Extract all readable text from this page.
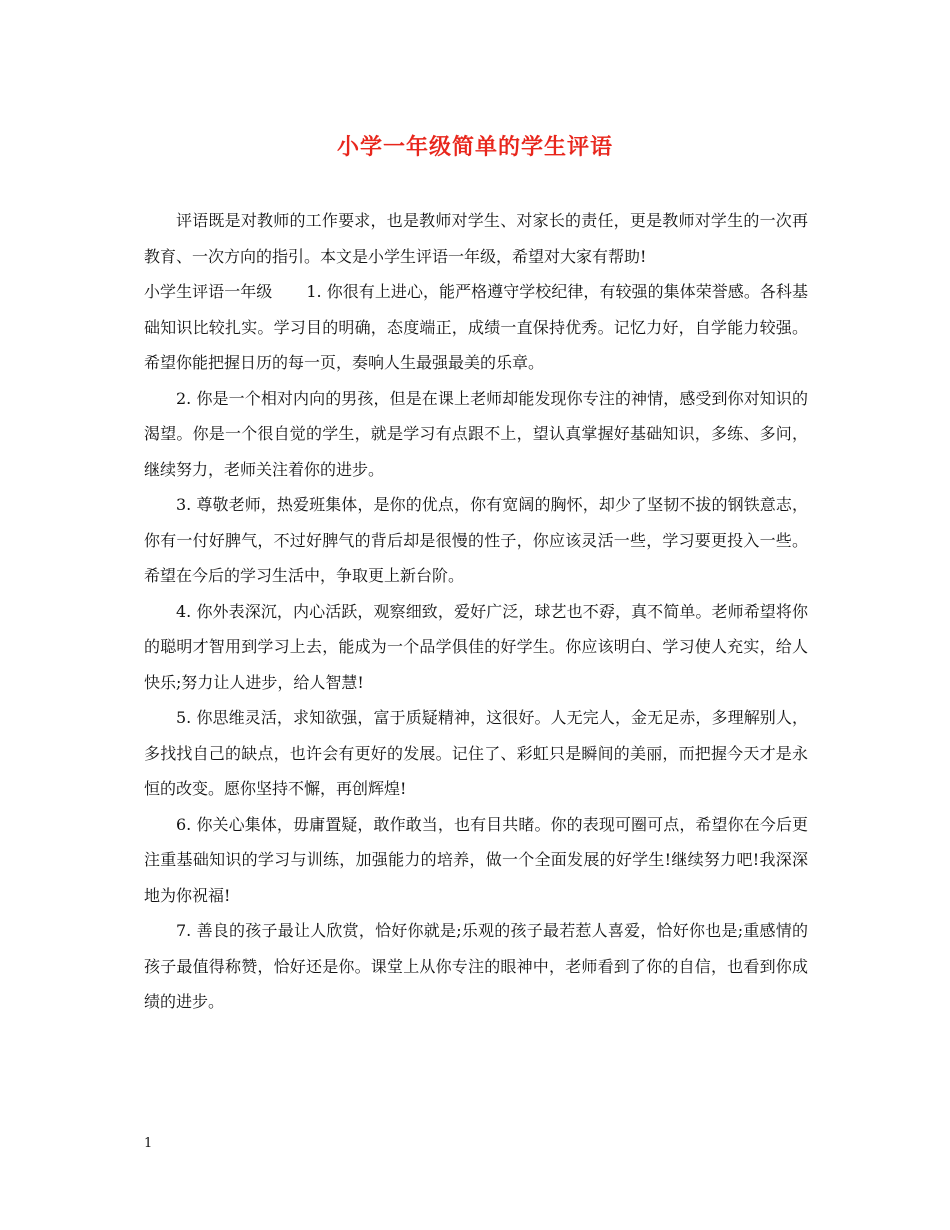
小学一年级简单的学生评语

评语既是对教师的工作要求，也是教师对学生、对家长的责任，更是教师对学生的一次再教育、一次方向的指引。本文是小学生评语一年级，希望对大家有帮助!

小学生评语一年级 1. 你很有上进心，能严格遵守学校纪律，有较强的集体荣誉感。各科基础知识比较扎实。学习目的明确，态度端正，成绩一直保持优秀。记忆力好，自学能力较强。希望你能把握日历的每一页，奏响人生最强最美的乐章。

2. 你是一个相对内向的男孩，但是在课上老师却能发现你专注的神情，感受到你对知识的渴望。你是一个很自觉的学生，就是学习有点跟不上，望认真掌握好基础知识，多练、多问，继续努力，老师关注着你的进步。

3. 尊敬老师，热爱班集体，是你的优点，你有宽阔的胸怀，却少了坚韧不拔的钢铁意志，你有一付好脾气，不过好脾气的背后却是很慢的性子，你应该灵活一些，学习要更投入一些。希望在今后的学习生活中，争取更上新台阶。

4. 你外表深沉，内心活跃，观察细致，爱好广泛，球艺也不孬，真不简单。老师希望将你的聪明才智用到学习上去，能成为一个品学俱佳的好学生。你应该明白、学习使人充实，给人快乐;努力让人进步，给人智慧!

5. 你思维灵活，求知欲强，富于质疑精神，这很好。人无完人，金无足赤，多理解别人，多找找自己的缺点，也许会有更好的发展。记住了、彩虹只是瞬间的美丽，而把握今天才是永恒的改变。愿你坚持不懈，再创辉煌!

6. 你关心集体，毋庸置疑，敢作敢当，也有目共睹。你的表现可圈可点，希望你在今后更注重基础知识的学习与训练，加强能力的培养，做一个全面发展的好学生!继续努力吧!我深深地为你祝福!

7. 善良的孩子最让人欣赏，恰好你就是;乐观的孩子最若惹人喜爱，恰好你也是;重感情的孩子最值得称赞，恰好还是你。课堂上从你专注的眼神中，老师看到了你的自信，也看到你成绩的进步。

1
